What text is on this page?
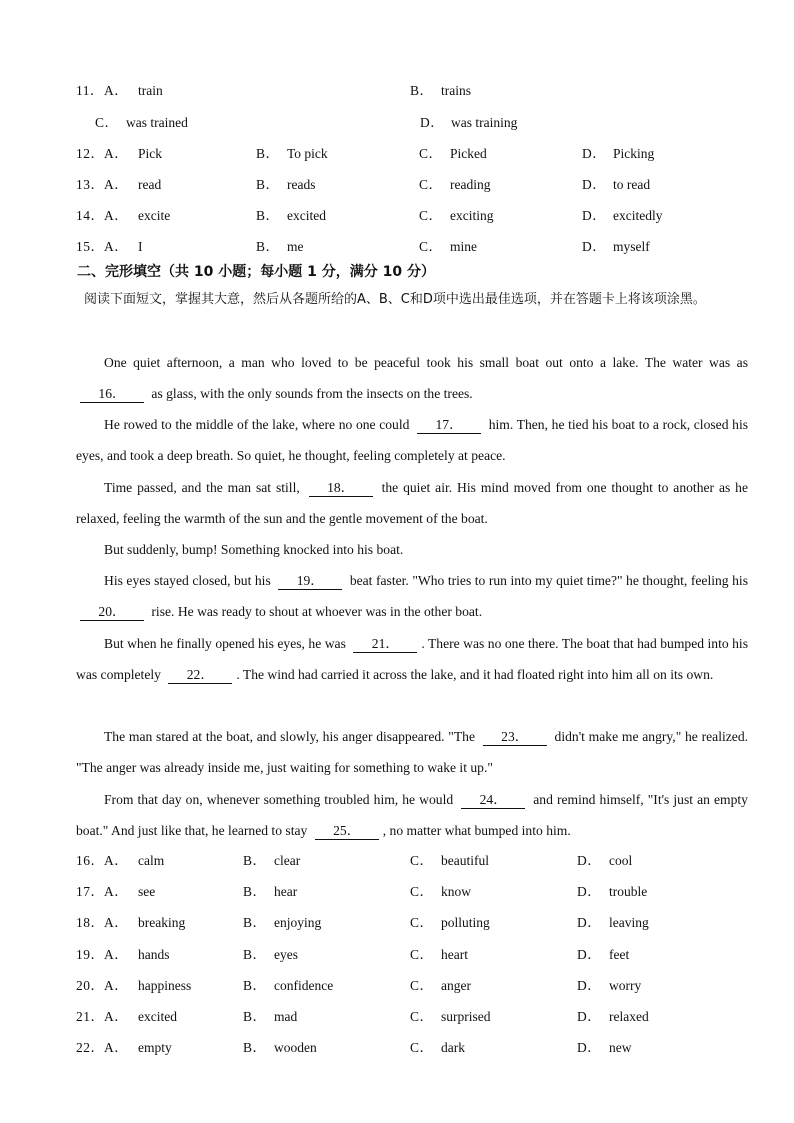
11． A． train	B． trains
C． was trained	D． was training
12． A． Pick	B． To pick	C． Picked	D． Picking
13． A． read	B． reads	C． reading	D． to read
14． A． excite	B． excited	C． exciting	D． excitedly
15． A． I	B． me	C． mine	D． myself
二、完形填空（共 10 小题；每小题 1 分，满分 10 分）
阅读下面短文，掌握其大意，然后从各题所给的A、B、C和D项中选出最佳选项，并在答题卡上将该项涂黑。
One quiet afternoon, a man who loved to be peaceful took his small boat out onto a lake. The water was as 16． as glass, with the only sounds from the insects on the trees.
He rowed to the middle of the lake, where no one could 17． him. Then, he tied his boat to a rock, closed his eyes, and took a deep breath. So quiet, he thought, feeling completely at peace.
Time passed, and the man sat still, 18． the quiet air. His mind moved from one thought to another as he relaxed, feeling the warmth of the sun and the gentle movement of the boat.
But suddenly, bump! Something knocked into his boat.
His eyes stayed closed, but his 19． beat faster. "Who tries to run into my quiet time?" he thought, feeling his 20． rise. He was ready to shout at whoever was in the other boat.
But when he finally opened his eyes, he was 21． . There was no one there. The boat that had bumped into his was completely 22． . The wind had carried it across the lake, and it had floated right into him all on its own.
The man stared at the boat, and slowly, his anger disappeared. "The 23． didn't make me angry," he realized. "The anger was already inside me, just waiting for something to wake it up."
From that day on, whenever something troubled him, he would 24． and remind himself, "It's just an empty boat." And just like that, he learned to stay 25． , no matter what bumped into him.
16． A． calm	B． clear	C． beautiful	D． cool
17． A． see	B． hear	C． know	D． trouble
18． A． breaking	B． enjoying	C． polluting	D． leaving
19． A． hands	B． eyes	C． heart	D． feet
20． A． happiness	B． confidence	C． anger	D． worry
21． A． excited	B． mad	C． surprised	D． relaxed
22． A． empty	B． wooden	C． dark	D． new
